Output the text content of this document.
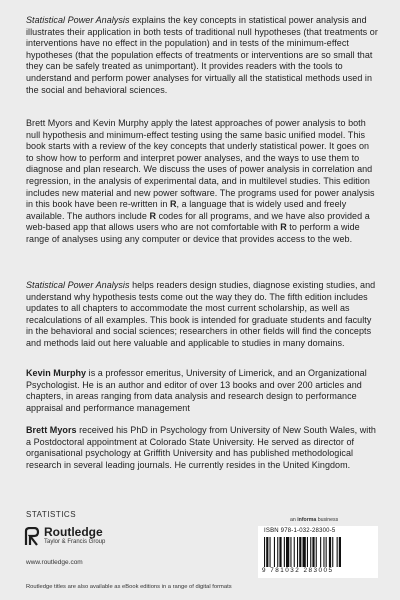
Statistical Power Analysis explains the key concepts in statistical power analysis and illustrates their application in both tests of traditional null hypotheses (that treatments or interventions have no effect in the population) and in tests of the minimum-effect hypotheses (that the population effects of treatments or interventions are so small that they can be safely treated as unimportant). It provides readers with the tools to understand and perform power analyses for virtually all the statistical methods used in the social and behavioral sciences.

Brett Myors and Kevin Murphy apply the latest approaches of power analysis to both null hypothesis and minimum-effect testing using the same basic unified model. This book starts with a review of the key concepts that underly statistical power. It goes on to show how to perform and interpret power analyses, and the ways to use them to diagnose and plan research. We discuss the uses of power analysis in correlation and regression, in the analysis of experimental data, and in multilevel studies. This edition includes new material and new power software. The programs used for power analysis in this book have been re-written in R, a language that is widely used and freely available. The authors include R codes for all programs, and we have also provided a web-based app that allows users who are not comfortable with R to perform a wide range of analyses using any computer or device that provides access to the web.

Statistical Power Analysis helps readers design studies, diagnose existing studies, and understand why hypothesis tests come out the way they do. The fifth edition includes updates to all chapters to accommodate the most current scholarship, as well as recalculations of all examples. This book is intended for graduate students and faculty in the behavioral and social sciences; researchers in other fields will find the concepts and methods laid out here valuable and applicable to studies in many domains.

Kevin Murphy is a professor emeritus, University of Limerick, and an Organizational Psychologist. He is an author and editor of over 13 books and over 200 articles and chapters, in areas ranging from data analysis and research design to performance appraisal and performance management

Brett Myors received his PhD in Psychology from University of New South Wales, with a Postdoctoral appointment at Colorado State University. He served as director of organisational psychology at Griffith University and has published methodological research in several leading journals. He currently resides in the United Kingdom.

STATISTICS
Routledge
Taylor & Francis Group
www.routledge.com
Routledge titles are also available as eBook editions in a range of digital formats
an informa business
ISBN 978-1-032-28300-5
9 781032 283005
